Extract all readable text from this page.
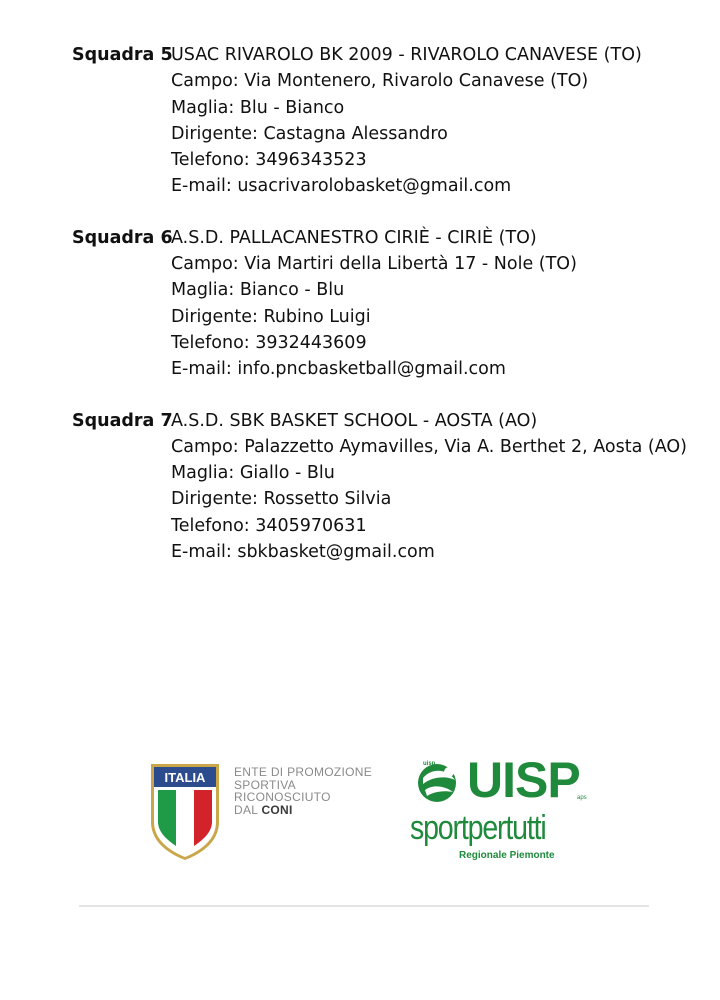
Squadra 5
USAC RIVAROLO BK 2009 - RIVAROLO CANAVESE (TO)
Campo: Via Montenero, Rivarolo Canavese (TO)
Maglia: Blu - Bianco
Dirigente: Castagna Alessandro
Telefono: 3496343523
E-mail: usacrivarolobasket@gmail.com
Squadra 6
A.S.D. PALLACANESTRO CIRIÈ - CIRIÈ (TO)
Campo: Via Martiri della Libertà 17 - Nole (TO)
Maglia: Bianco - Blu
Dirigente: Rubino Luigi
Telefono: 3932443609
E-mail: info.pncbasketball@gmail.com
Squadra 7
A.S.D. SBK BASKET SCHOOL - AOSTA (AO)
Campo: Palazzetto Aymavilles, Via A. Berthet 2, Aosta (AO)
Maglia: Giallo - Blu
Dirigente: Rossetto Silvia
Telefono: 3405970631
E-mail: sbkbasket@gmail.com
ITALIA ENTE DI PROMOZIONE
SPORTIVA
RICONOSCIUTO
DAL CONI
uisp UISP
aps
sportpertutti
Regionale Piemonte
